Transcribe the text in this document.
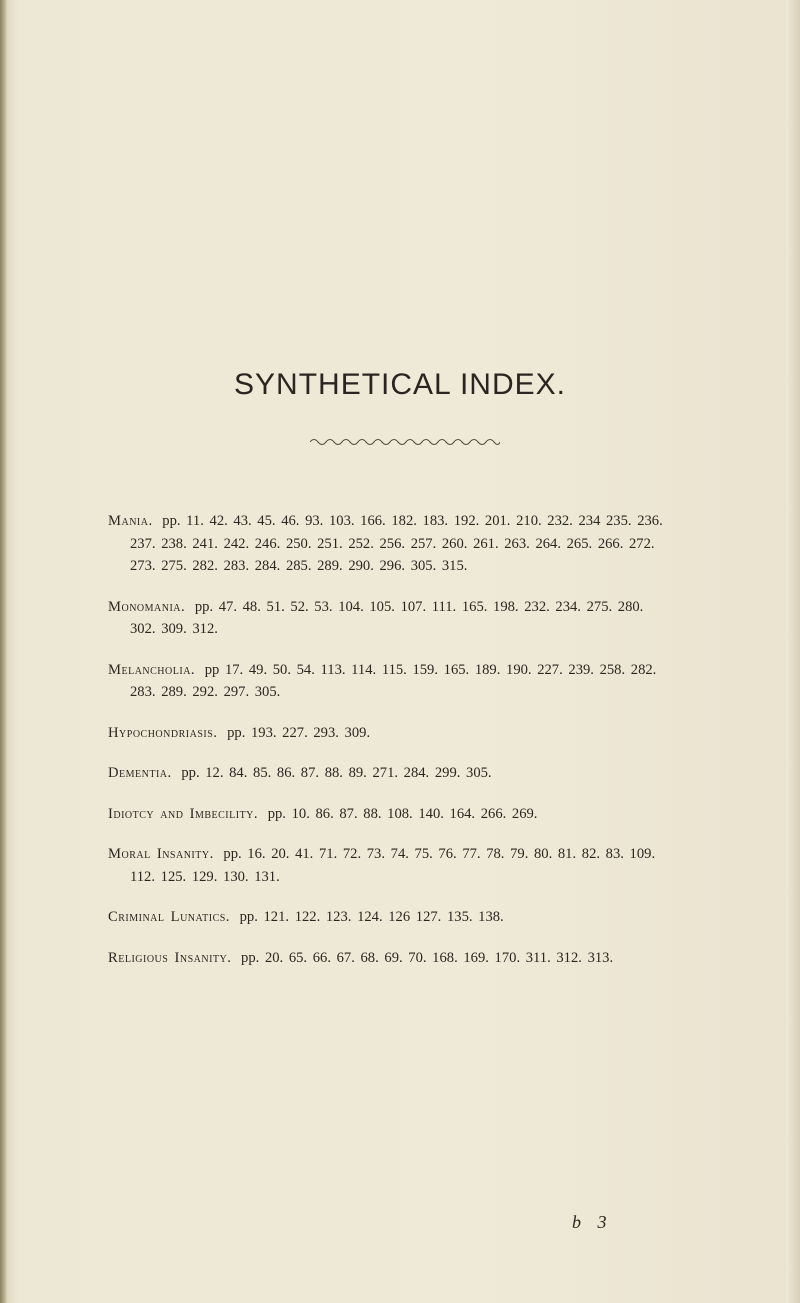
SYNTHETICAL INDEX.

Mania. pp. 11. 42. 43. 45. 46. 93. 103. 166. 182. 183. 192. 201. 210. 232. 234 235. 236. 237. 238. 241. 242. 246. 250. 251. 252. 256. 257. 260. 261. 263. 264. 265. 266. 272. 273. 275. 282. 283. 284. 285. 289. 290. 296. 305. 315.

Monomania. pp. 47. 48. 51. 52. 53. 104. 105. 107. 111. 165. 198. 232. 234. 275. 280. 302. 309. 312.

Melancholia. pp 17. 49. 50. 54. 113. 114. 115. 159. 165. 189. 190. 227. 239. 258. 282. 283. 289. 292. 297. 305.

Hypochondriasis. pp. 193. 227. 293. 309.

Dementia. pp. 12. 84. 85. 86. 87. 88. 89. 271. 284. 299. 305.

Idiotcy and Imbecility. pp. 10. 86. 87. 88. 108. 140. 164. 266. 269.

Moral Insanity. pp. 16. 20. 41. 71. 72. 73. 74. 75. 76. 77. 78. 79. 80. 81. 82. 83. 109. 112. 125. 129. 130. 131.

Criminal Lunatics. pp. 121. 122. 123. 124. 126 127. 135. 138.

Religious Insanity. pp. 20. 65. 66. 67. 68. 69. 70. 168. 169. 170. 311. 312. 313.

b 3
